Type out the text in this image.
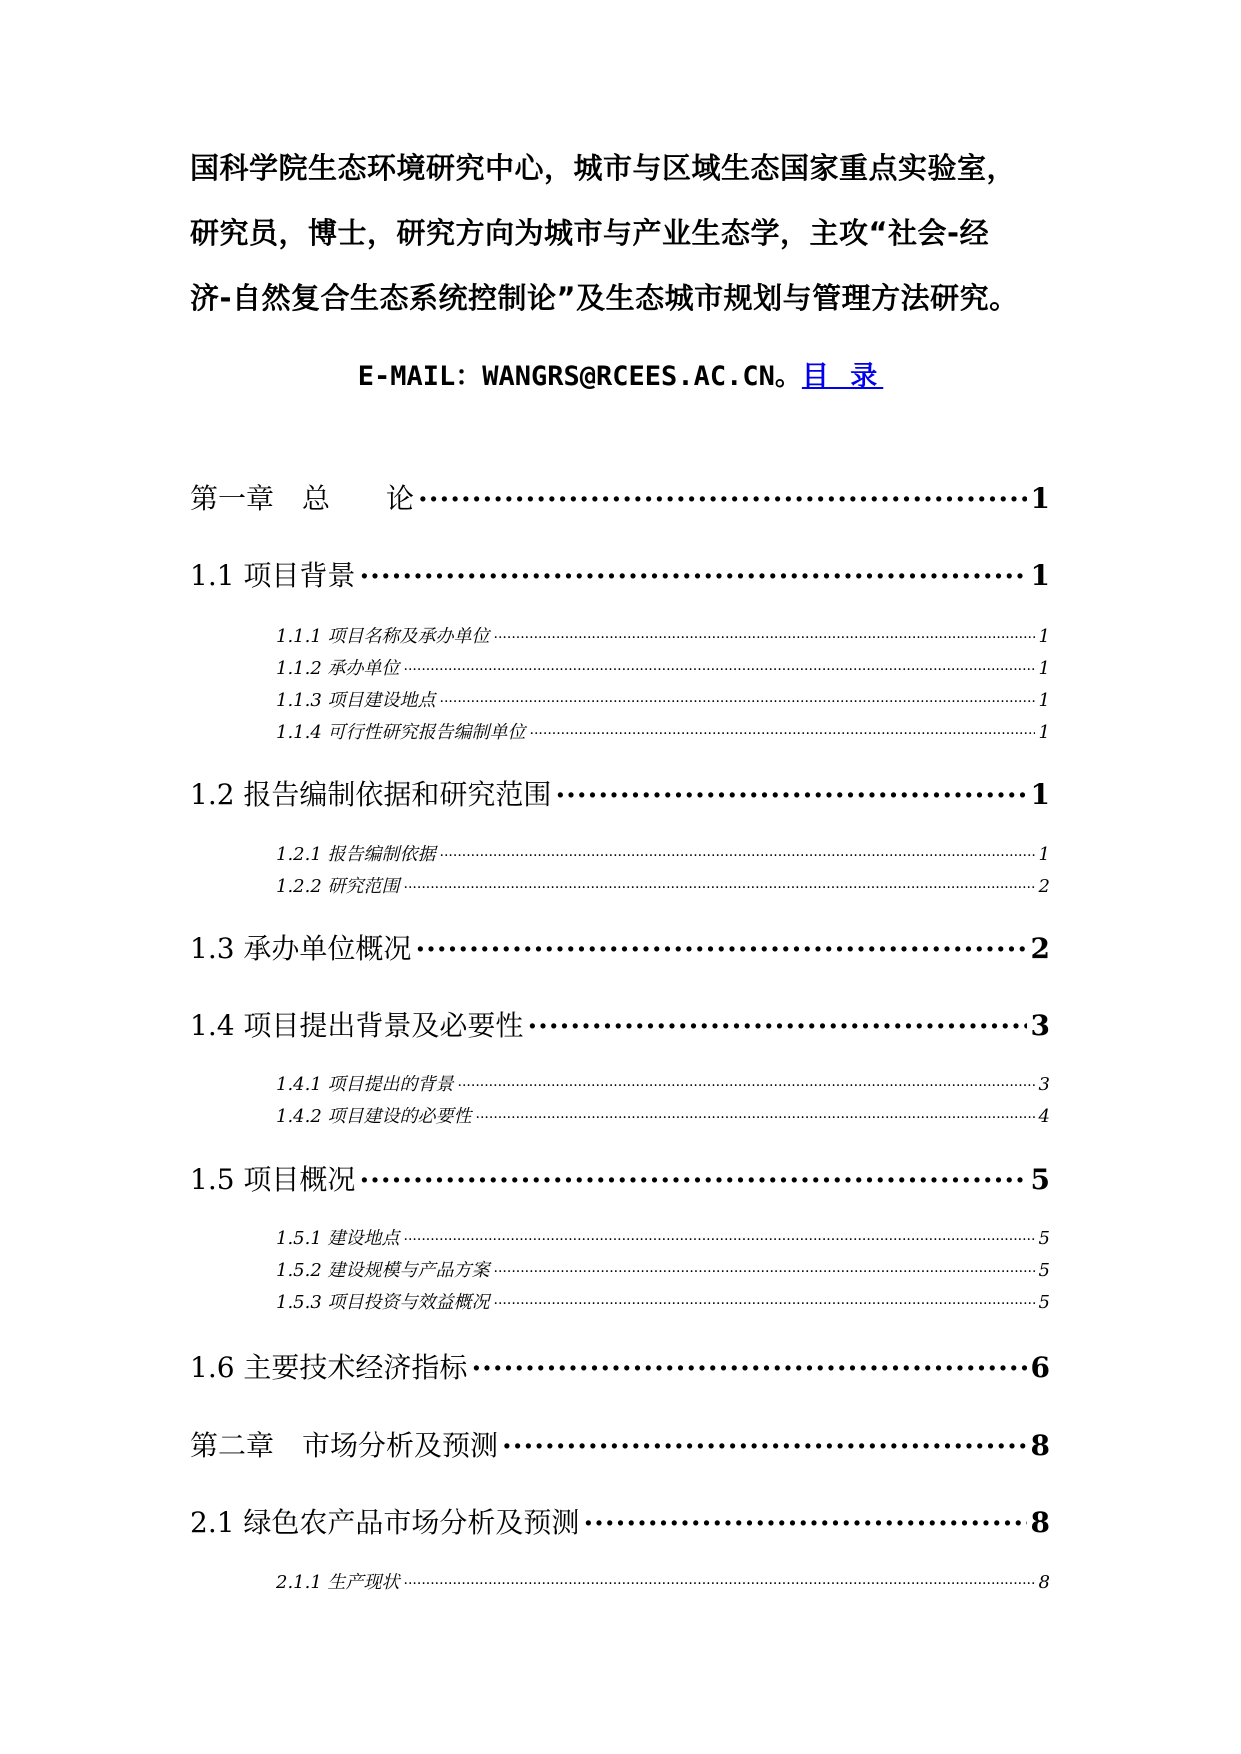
国科学院生态环境研究中心，城市与区域生态国家重点实验室，
研究员，博士，研究方向为城市与产业生态学，主攻“社会-经
济-自然复合生态系统控制论”及生态城市规划与管理方法研究。
E-MAIL：WANGRS@RCEES.AC.CN。目 录
第一章　总　　论 .....	1
1.1 项目背景 .....	1
1.1.1 项目名称及承办单位 .....	1
1.1.2 承办单位 .....	1
1.1.3 项目建设地点 .....	1
1.1.4 可行性研究报告编制单位 .....	1
1.2 报告编制依据和研究范围 .....	1
1.2.1 报告编制依据 .....	1
1.2.2 研究范围 .....	2
1.3 承办单位概况 .....	2
1.4 项目提出背景及必要性 .....	3
1.4.1 项目提出的背景 .....	3
1.4.2 项目建设的必要性 .....	4
1.5 项目概况 .....	5
1.5.1 建设地点 .....	5
1.5.2 建设规模与产品方案 .....	5
1.5.3 项目投资与效益概况 .....	5
1.6 主要技术经济指标 .....	6
第二章　市场分析及预测 .....	8
2.1 绿色农产品市场分析及预测 .....	8
2.1.1 生产现状 .....	8
